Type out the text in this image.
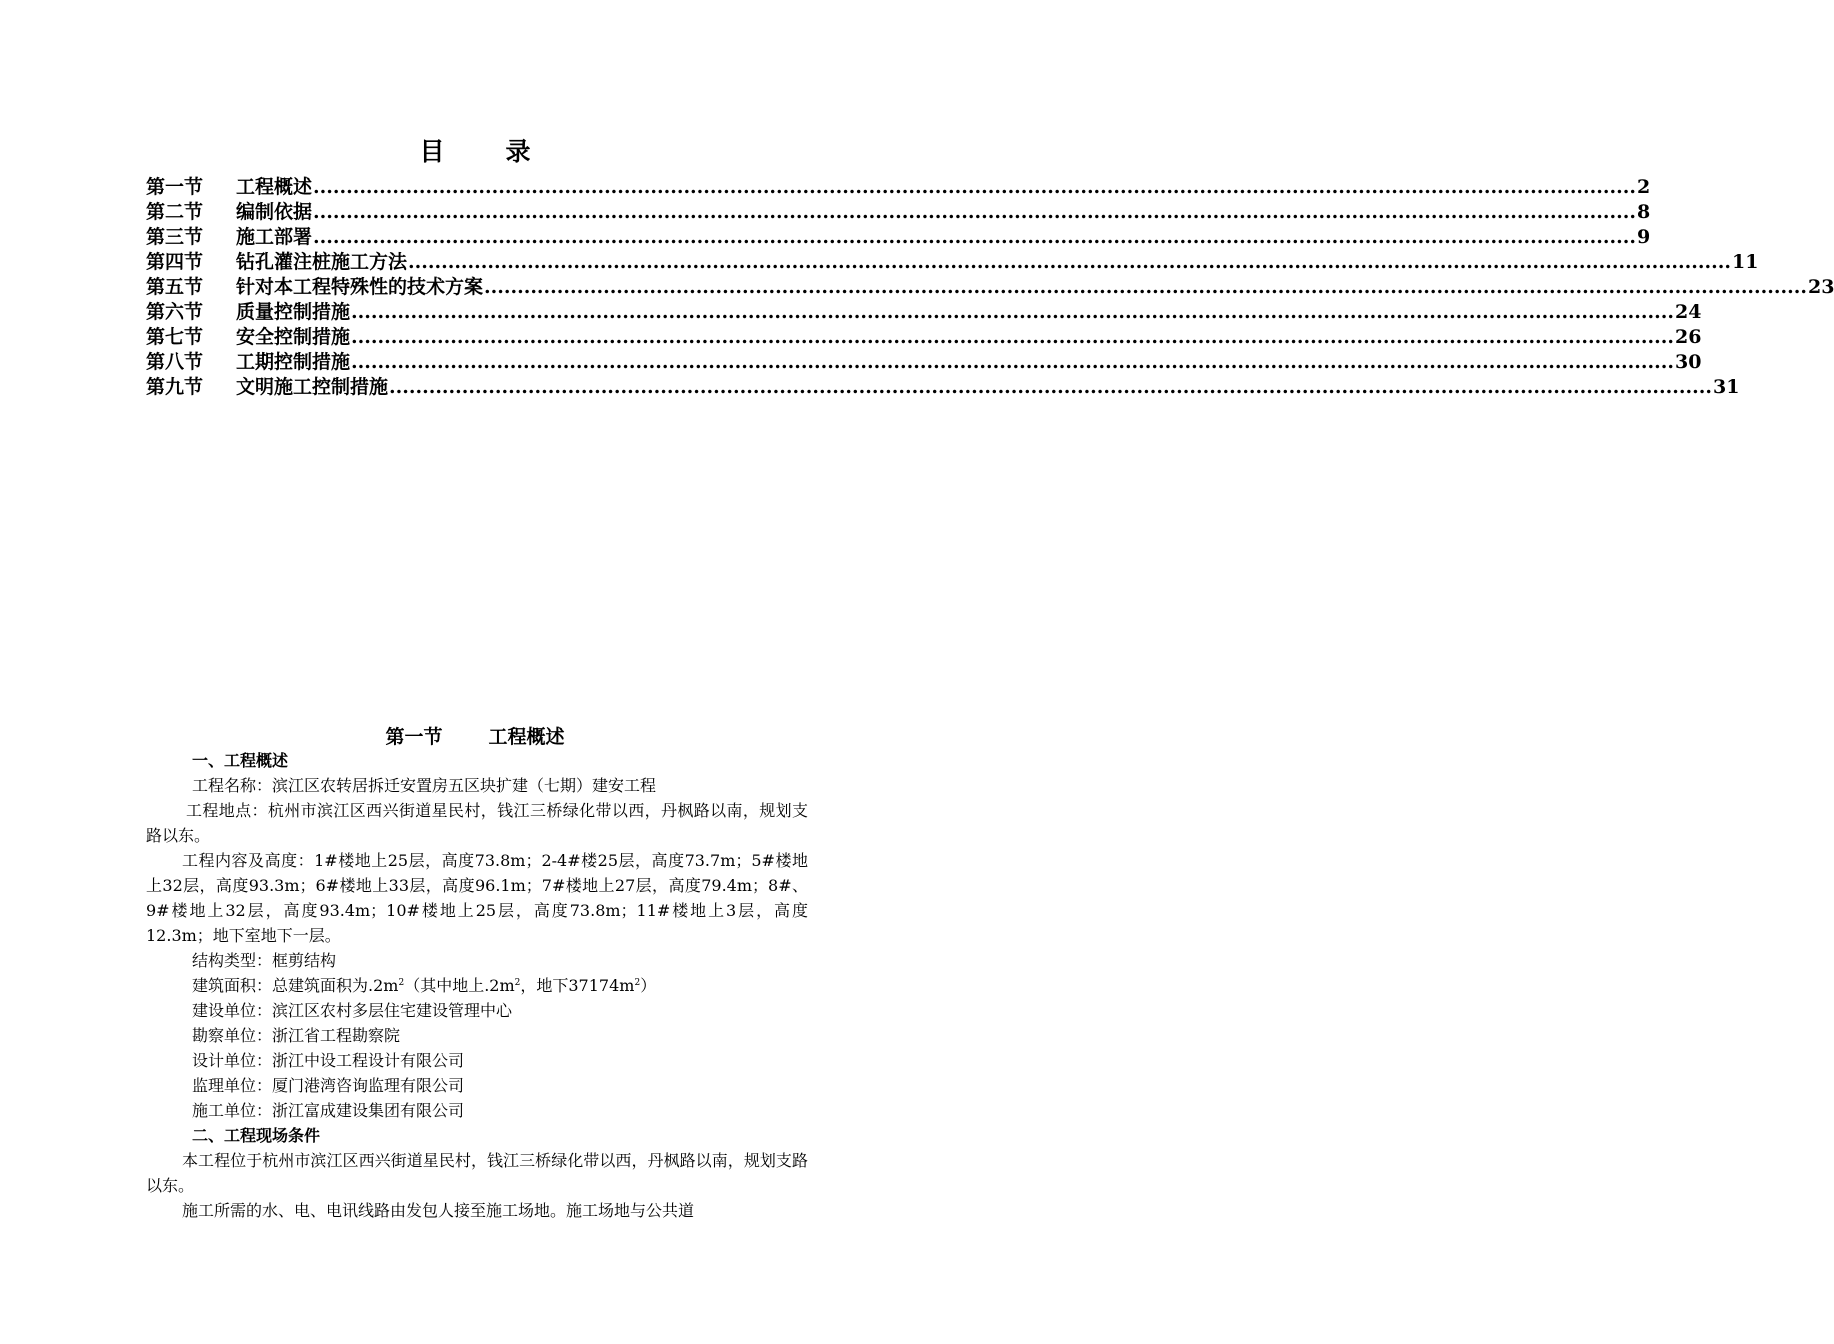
目　录
第一节	工程概述 ........................................................................................................................................................................................................ 2
第二节	编制依据 ........................................................................................................................................................................................................ 8
第三节	施工部署 ........................................................................................................................................................................................................ 9
第四节	钻孔灌注桩施工方法 ........................................................................................................................................................................................................ 11
第五节	针对本工程特殊性的技术方案 ........................................................................................................................................................................................................ 23
第六节	质量控制措施 ........................................................................................................................................................................................................ 24
第七节	安全控制措施 ........................................................................................................................................................................................................ 26
第八节	工期控制措施 ........................................................................................................................................................................................................ 30
第九节	文明施工控制措施 ........................................................................................................................................................................................................ 31
第一节 工程概述
一、工程概述
工程名称：滨江区农转居拆迁安置房五区块扩建（七期）建安工程
工程地点：杭州市滨江区西兴街道星民村，钱江三桥绿化带以西，丹枫路以南，规划支路以东。
工程内容及高度：1#楼地上25层，高度73.8m；2-4#楼25层，高度73.7m；5#楼地上32层，高度93.3m；6#楼地上33层，高度96.1m；7#楼地上27层，高度79.4m；8#、9#楼地上32层，高度93.4m；10#楼地上25层，高度73.8m；11#楼地上3层，高度12.3m；地下室地下一层。
结构类型：框剪结构
建筑面积：总建筑面积为$.2m^2$（其中地上$.2m^2$，地下$37174m^2$）
建设单位：滨江区农村多层住宅建设管理中心
勘察单位：浙江省工程勘察院
设计单位：浙江中设工程设计有限公司
监理单位：厦门港湾咨询监理有限公司
施工单位：浙江富成建设集团有限公司
二、工程现场条件
本工程位于杭州市滨江区西兴街道星民村，钱江三桥绿化带以西，丹枫路以南，规划支路以东。
施工所需的水、电、电讯线路由发包人接至施工场地。施工场地与公共道
